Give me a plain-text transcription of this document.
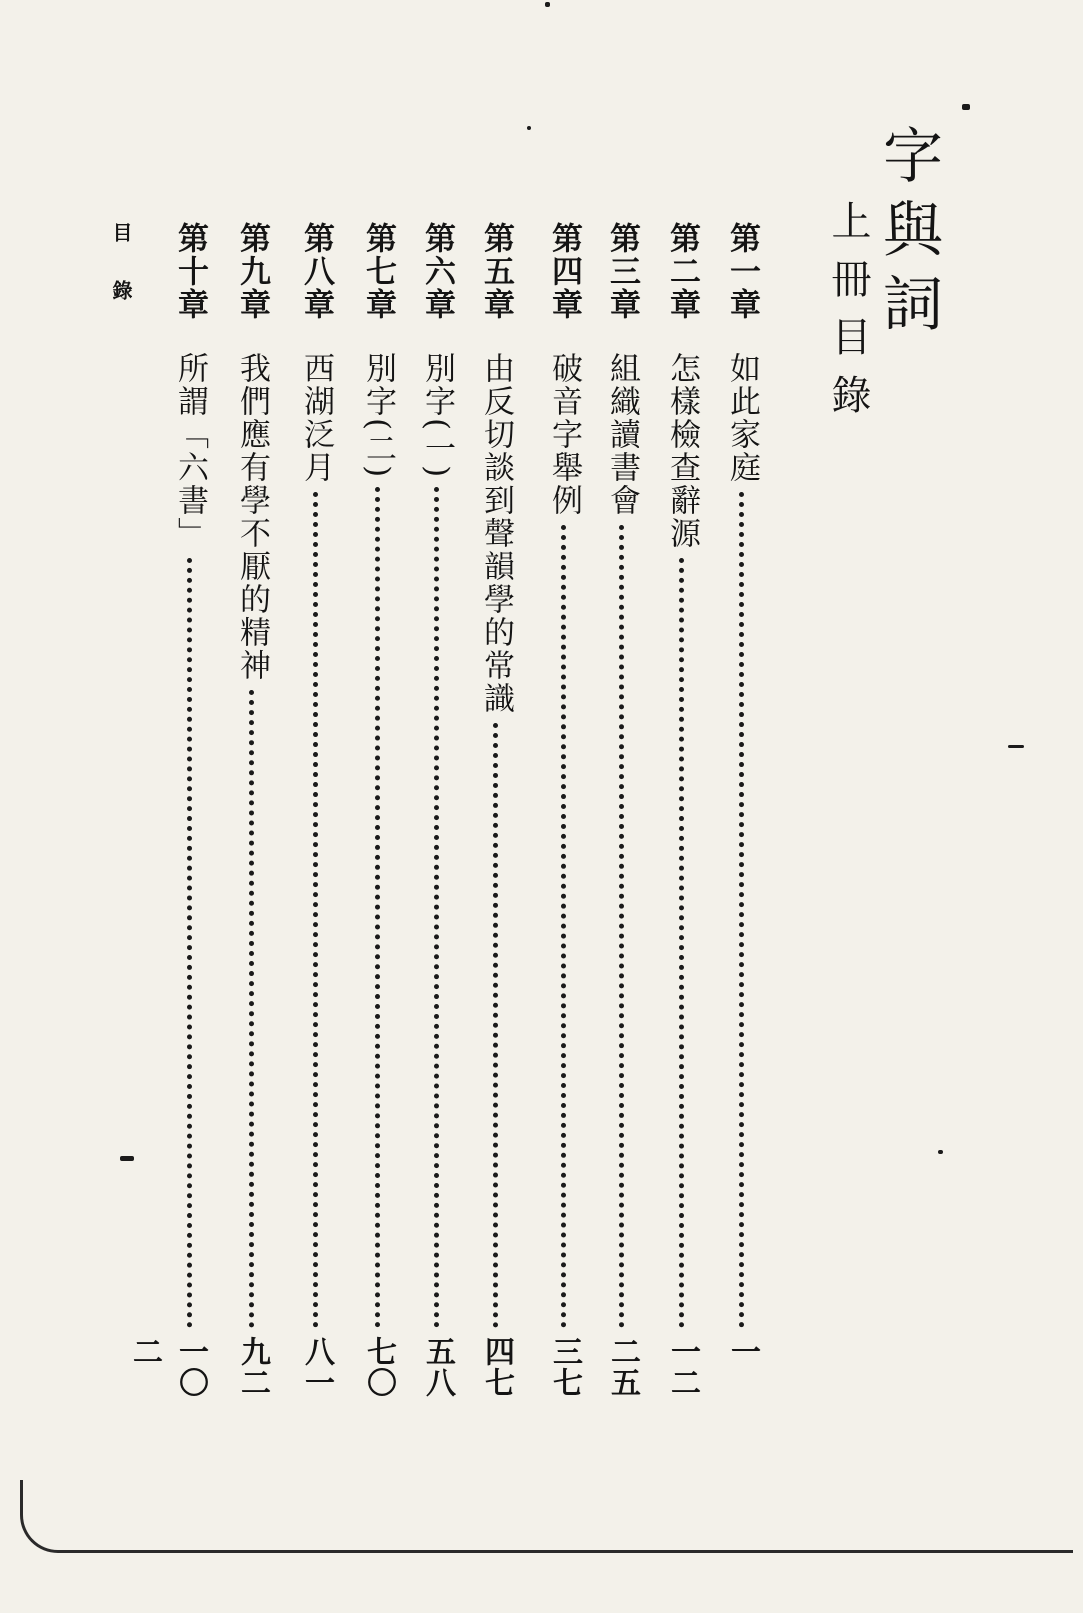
字與詞
上冊目錄
第一章
如此家庭
一
第二章
怎樣檢查辭源
一二
第三章
組織讀書會
二五
第四章
破音字舉例
三七
第五章
由反切談到聲韻學的常識
四七
第六章
別字(一)
五八
第七章
別字(二)
七〇
第八章
西湖泛月
八一
第九章
我們應有學不厭的精神
九二
第十章
所謂「六書」
一〇二
目錄
